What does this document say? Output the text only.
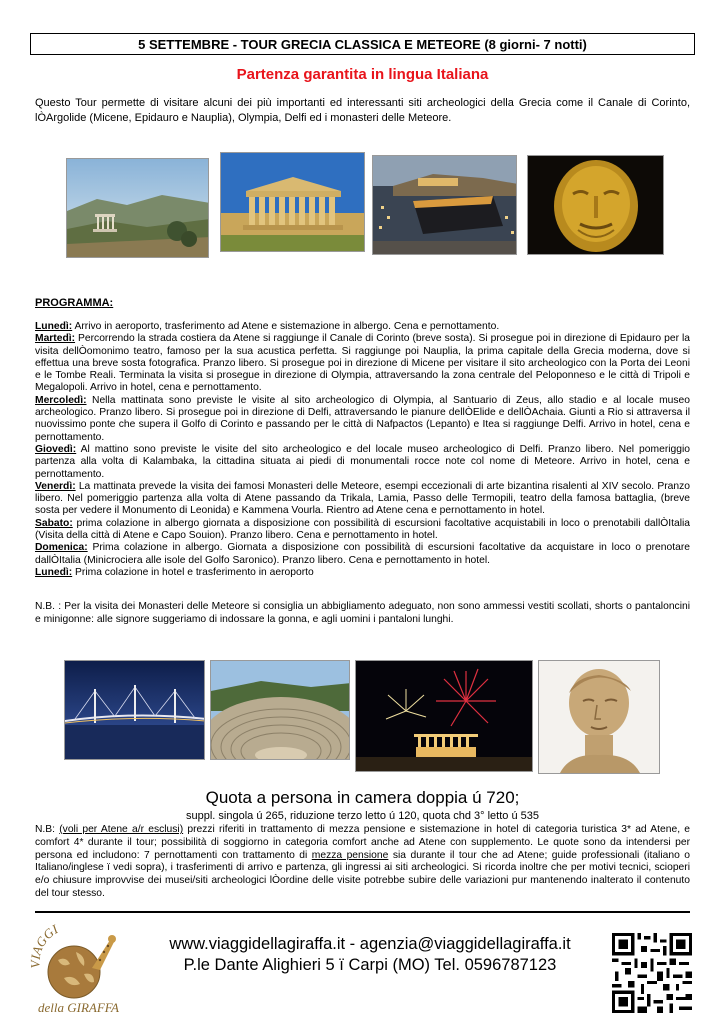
5 SETTEMBRE - TOUR GRECIA CLASSICA E METEORE (8 giorni- 7 notti)
Partenza garantita in lingua Italiana
Questo Tour permette di visitare alcuni dei più importanti ed interessanti siti archeologici della Grecia come il Canale di Corinto, lÒArgolide (Micene, Epidauro e Nauplia), Olympia, Delfi ed i monasteri delle Meteore.
PROGRAMMA:
Lunedì: Arrivo in aeroporto, trasferimento ad Atene e sistemazione in albergo. Cena e pernottamento.
Martedì: Percorrendo la strada costiera da Atene si raggiunge il Canale di Corinto (breve sosta). Si prosegue poi in direzione di Epidauro per la visita dellÒomonimo teatro, famoso per la sua acustica perfetta. Si raggiunge poi Nauplia, la prima capitale della Grecia moderna, dove si effettua una breve sosta fotografica. Pranzo libero. Si prosegue poi in direzione di Micene per visitare il sito archeologico con la Porta dei Leoni e le Tombe Reali. Terminata la visita si prosegue in direzione di Olympia, attraversando la zona centrale del Peloponneso e le città di Tripoli e Megalopoli. Arrivo in hotel, cena e pernottamento.
Mercoledì: Nella mattinata sono previste le visite al sito archeologico di Olympia, al Santuario di Zeus, allo stadio e al locale museo archeologico. Pranzo libero. Si prosegue poi in direzione di Delfi, attraversando le pianure dellÒElide e dellÒAchaia. Giunti a Rio si attraversa il nuovissimo ponte che supera il Golfo di Corinto e passando per le città di Nafpactos (Lepanto) e Itea si raggiunge Delfi. Arrivo in hotel, cena e pernottamento.
Giovedì: Al mattino sono previste le visite del sito archeologico e del locale museo archeologico di Delfi. Pranzo libero. Nel pomeriggio partenza alla volta di Kalambaka, la cittadina situata ai piedi di monumentali rocce note col nome di Meteore. Arrivo in hotel, cena e pernottamento.
Venerdì: La mattinata prevede la visita dei famosi Monasteri delle Meteore, esempi eccezionali di arte bizantina risalenti al XIV secolo. Pranzo libero. Nel pomeriggio partenza alla volta di Atene passando da Trikala, Lamia, Passo delle Termopili, teatro della famosa battaglia, (breve sosta per vedere il Monumento di Leonida) e Kammena Vourla. Rientro ad Atene cena e pernottamento in hotel.
Sabato: prima colazione in albergo giornata a disposizione con possibilità di escursioni facoltative acquistabili in loco o prenotabili dallÒItalia (Visita della città di Atene e Capo Souion). Pranzo libero. Cena e pernottamento in hotel.
Domenica: Prima colazione in albergo. Giornata a disposizione con possibilità di escursioni facoltative da acquistare in loco o prenotare dallÒItalia (Minicrociera alle isole del Golfo Saronico). Pranzo libero. Cena e pernottamento in hotel.
Lunedì: Prima colazione in hotel e trasferimento in aeroporto
N.B. : Per la visita dei Monasteri delle Meteore si consiglia un abbigliamento adeguato, non sono ammessi vestiti scollati, shorts o pantaloncini e minigonne: alle signore suggeriamo di indossare la gonna, e agli uomini i pantaloni lunghi.
Quota a persona in camera doppia ú 720;
suppl. singola ú 265, riduzione terzo letto ú 120, quota chd 3° letto ú 535
N.B: (voli per Atene a/r esclusi) prezzi riferiti in trattamento di mezza pensione e sistemazione in hotel di categoria turistica 3* ad Atene, e comfort 4* durante il tour; possibilità di soggiorno in categoria comfort anche ad Atene con supplemento. Le quote sono da intendersi per persona ed includono: 7 pernottamenti con trattamento di mezza pensione sia durante il tour che ad Atene; guide professionali (italiano o Italiano/inglese ï vedi sopra), i trasferimenti di arrivo e partenza, gli ingressi ai siti archeologici. Si ricorda inoltre che per motivi tecnici, scioperi e/o chiusure improvvise dei musei/siti archeologici lÒordine delle visite potrebbe subire delle variazioni pur mantenendo inalterato il contenuto del tour stesso.
VIAGGI
della GIRAFFA
www.viaggidellagiraffa.it - agenzia@viaggidellagiraffa.it
P.le Dante Alighieri 5 ï Carpi (MO) Tel. 0596787123
